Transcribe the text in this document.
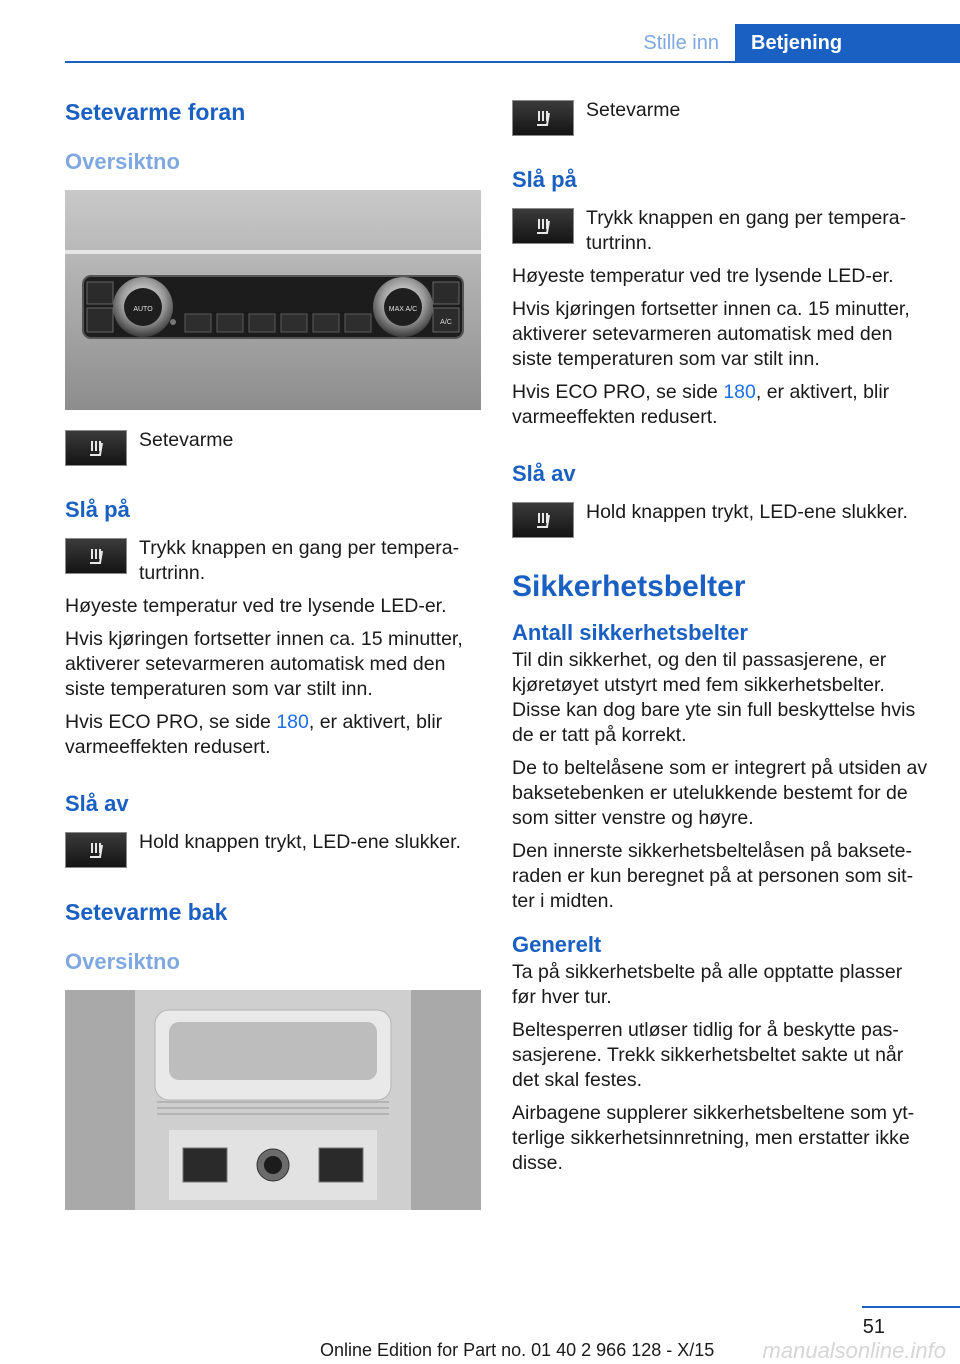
Stille inn	Betjening
Setevarme foran
Oversiktno
AUTO	MAX A/C
A/C
Setevarme
Slå på
Trykk knappen en gang per tempera-turtrinn.

Høyeste temperatur ved tre lysende LED-er.

Hvis kjøringen fortsetter innen ca. 15 minutter, aktiverer setevarmeren automatisk med den siste temperaturen som var stilt inn.

Hvis ECO PRO, se side 180, er aktivert, blir varmeeffekten redusert.

Slå av
Hold knappen trykt, LED-ene slukker.
Setevarme bak
Oversiktno
Setevarme
Slå på
Trykk knappen en gang per tempera-turtrinn.

Høyeste temperatur ved tre lysende LED-er.

Hvis kjøringen fortsetter innen ca. 15 minutter, aktiverer setevarmeren automatisk med den siste temperaturen som var stilt inn.

Hvis ECO PRO, se side 180, er aktivert, blir varmeeffekten redusert.

Slå av
Hold knappen trykt, LED-ene slukker.
Sikkerhetsbelter
Antall sikkerhetsbelter

Til din sikkerhet, og den til passasjerene, er kjøretøyet utstyrt med fem sikkerhetsbelter. Disse kan dog bare yte sin full beskyttelse hvis de er tatt på korrekt.

De to beltelåsene som er integrert på utsiden av baksetebenken er utelukkende bestemt for de som sitter venstre og høyre.

Den innerste sikkerhetsbeltelåsen på baksete-raden er kun beregnet på at personen som sit-ter i midten.

Generelt

Ta på sikkerhetsbelte på alle opptatte plasser før hver tur.

Beltesperren utløser tidlig for å beskytte pas-sasjerene. Trekk sikkerhetsbeltet sakte ut når det skal festes.

Airbagene supplerer sikkerhetsbeltene som yt-terlige sikkerhetsinnretning, men erstatter ikke disse.

51
Online Edition for Part no. 01 40 2 966 128 - X/15 manualsonline.info
